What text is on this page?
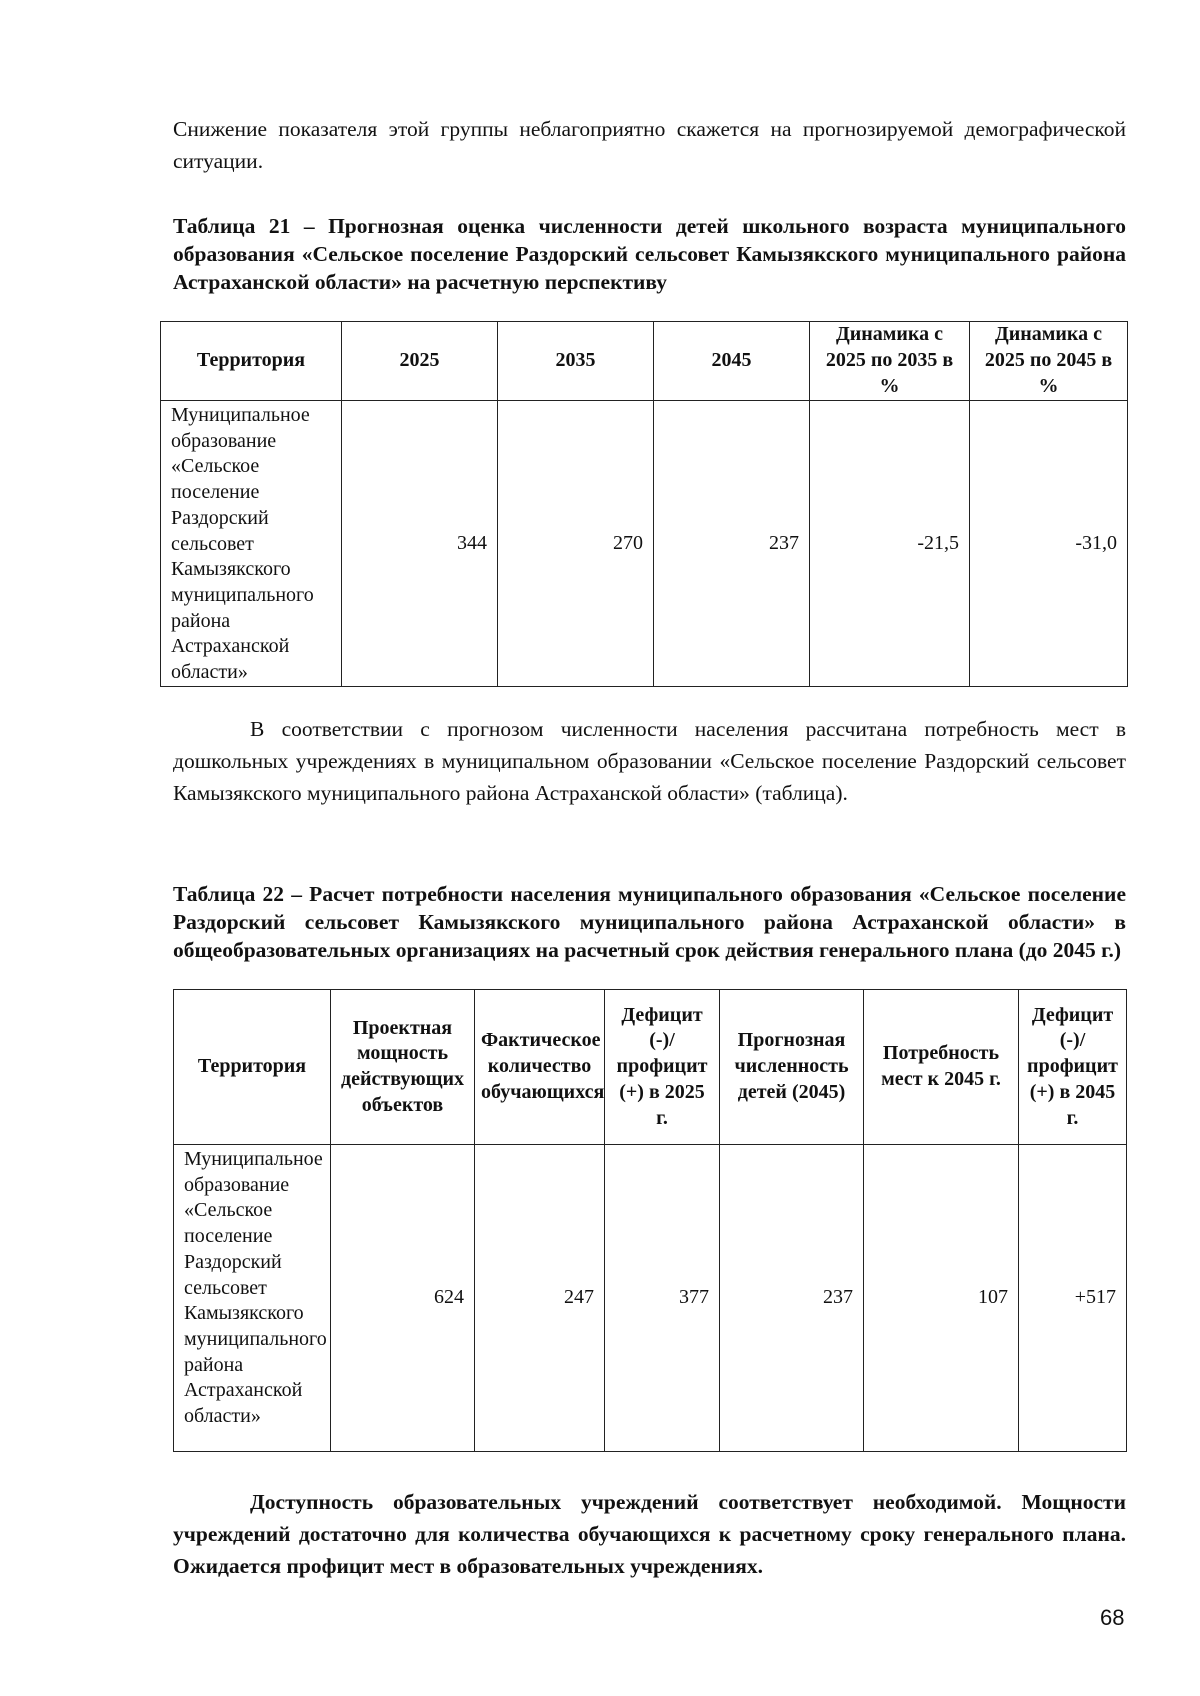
Снижение показателя этой группы неблагоприятно скажется на прогнозируемой демографической ситуации.

Таблица 21 – Прогнозная оценка численности детей школьного возраста муниципального образования «Сельское поселение Раздорский сельсовет Камызякского муниципального района Астраханской области» на расчетную перспективу

Территория	2025	2035	2045	Динамика с 2025 по 2035 в %	Динамика с 2025 по 2045 в %
Муниципальное образование «Сельское поселение Раздорский сельсовет Камызякского муниципального района Астраханской области»	344	270	237	-21,5	-31,0

В соответствии с прогнозом численности населения рассчитана потребность мест в дошкольных учреждениях в муниципальном образовании «Сельское поселение Раздорский сельсовет Камызякского муниципального района Астраханской области» (таблица).

Таблица 22 – Расчет потребности населения муниципального образования «Сельское поселение Раздорский сельсовет Камызякского муниципального района Астраханской области» в общеобразовательных организациях на расчетный срок действия генерального плана (до 2045 г.)

Территория	Проектная мощность действующих объектов	Фактическое количество обучающихся	Дефицит (-)/ профицит (+) в 2025 г.	Прогнозная численность детей (2045)	Потребность мест к 2045 г.	Дефицит (-)/ профицит (+) в 2045 г.
Муниципальное образование «Сельское поселение Раздорский сельсовет Камызякского муниципального района Астраханской области»	624	247	377	237	107	+517

Доступность образовательных учреждений соответствует необходимой. Мощности учреждений достаточно для количества обучающихся к расчетному сроку генерального плана. Ожидается профицит мест в образовательных учреждениях.

68
